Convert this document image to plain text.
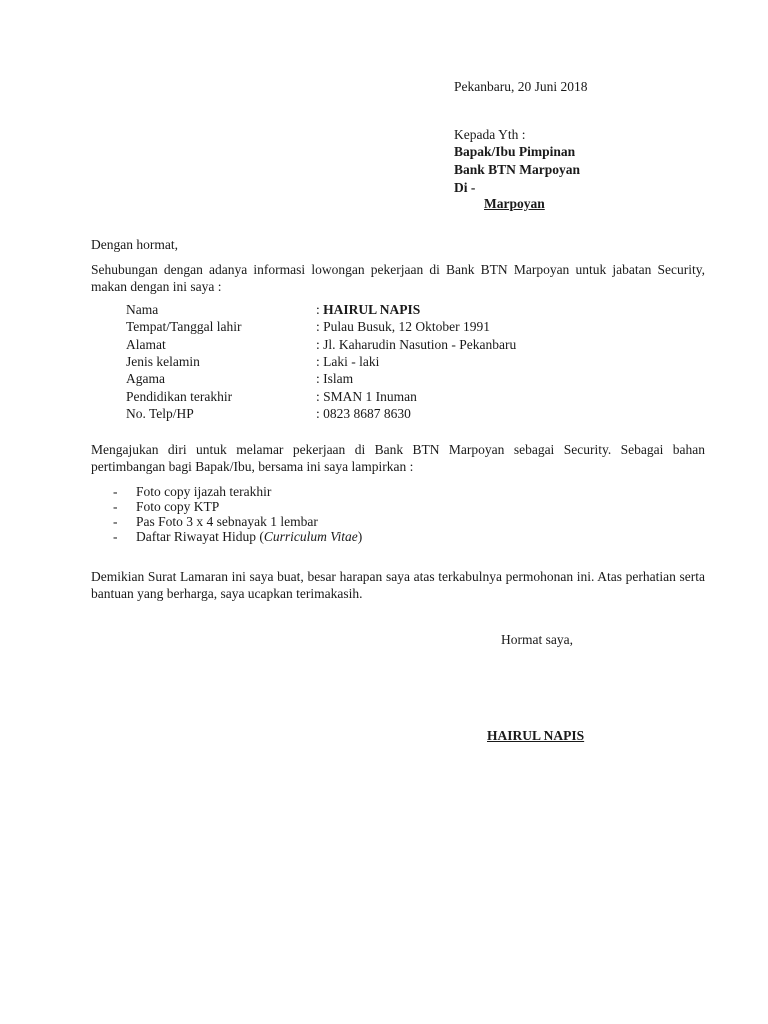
Pekanbaru, 20 Juni 2018
Kepada Yth :
Bapak/Ibu Pimpinan
Bank BTN Marpoyan
Di -
Marpoyan
Dengan hormat,
Sehubungan dengan adanya informasi lowongan pekerjaan di Bank BTN Marpoyan untuk jabatan Security, makan dengan ini saya :
Nama	: HAIRUL NAPIS
Tempat/Tanggal lahir	: Pulau Busuk, 12 Oktober 1991
Alamat	: Jl. Kaharudin Nasution - Pekanbaru
Jenis kelamin	: Laki - laki
Agama	: Islam
Pendidikan terakhir	: SMAN 1 Inuman
No. Telp/HP	: 0823 8687 8630
Mengajukan diri untuk melamar pekerjaan di Bank BTN Marpoyan sebagai Security. Sebagai bahan pertimbangan bagi Bapak/Ibu, bersama ini saya lampirkan :
- Foto copy ijazah terakhir
- Foto copy KTP
- Pas Foto 3 x 4 sebnayak 1 lembar
- Daftar Riwayat Hidup (Curriculum Vitae)
Demikian Surat Lamaran ini saya buat, besar harapan saya atas terkabulnya permohonan ini. Atas perhatian serta bantuan yang berharga, saya ucapkan terimakasih.
Hormat saya,
HAIRUL NAPIS
